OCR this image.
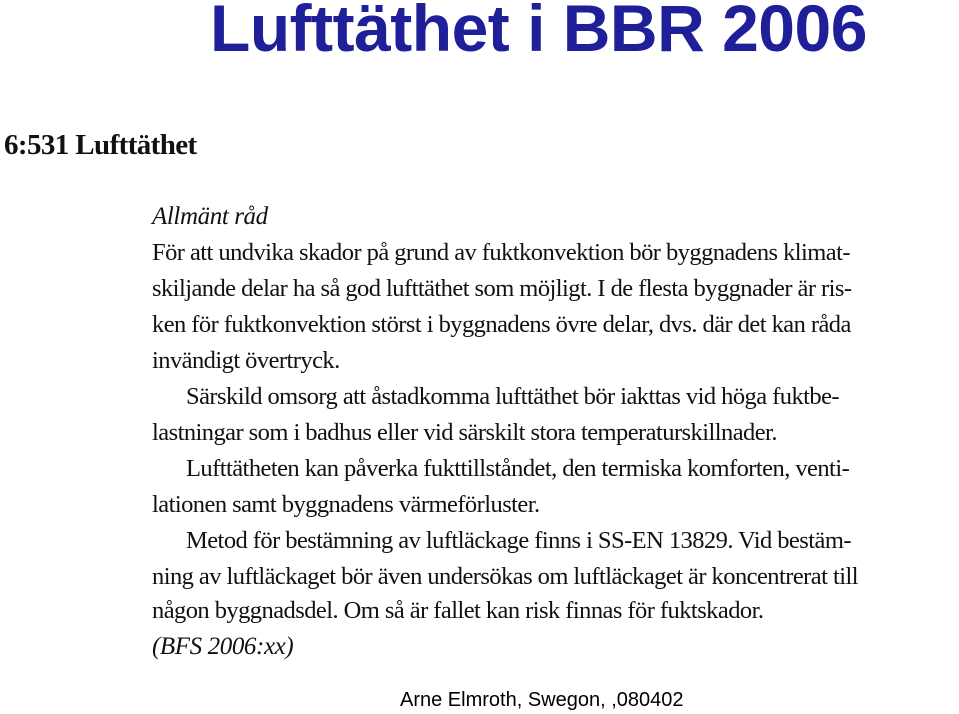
Lufttäthet i BBR 2006
6:531 Lufttäthet
Allmänt råd
För att undvika skador på grund av fuktkonvektion bör byggnadens klimat-
skiljande delar ha så god lufttäthet som möjligt. I de flesta byggnader är ris-
ken för fuktkonvektion störst i byggnadens övre delar, dvs. där det kan råda
invändigt övertryck.
Särskild omsorg att åstadkomma lufttäthet bör iakttas vid höga fuktbe-
lastningar som i badhus eller vid särskilt stora temperaturskillnader.
Lufttätheten kan påverka fukttillståndet, den termiska komforten, venti-
lationen samt byggnadens värmeförluster.
Metod för bestämning av luftläckage finns i SS-EN 13829. Vid bestäm-
ning av luftläckaget bör även undersökas om luftläckaget är koncentrerat till
någon byggnadsdel. Om så är fallet kan risk finnas för fuktskador.
(BFS 2006:xx)
Arne Elmroth, Swegon, ,080402
